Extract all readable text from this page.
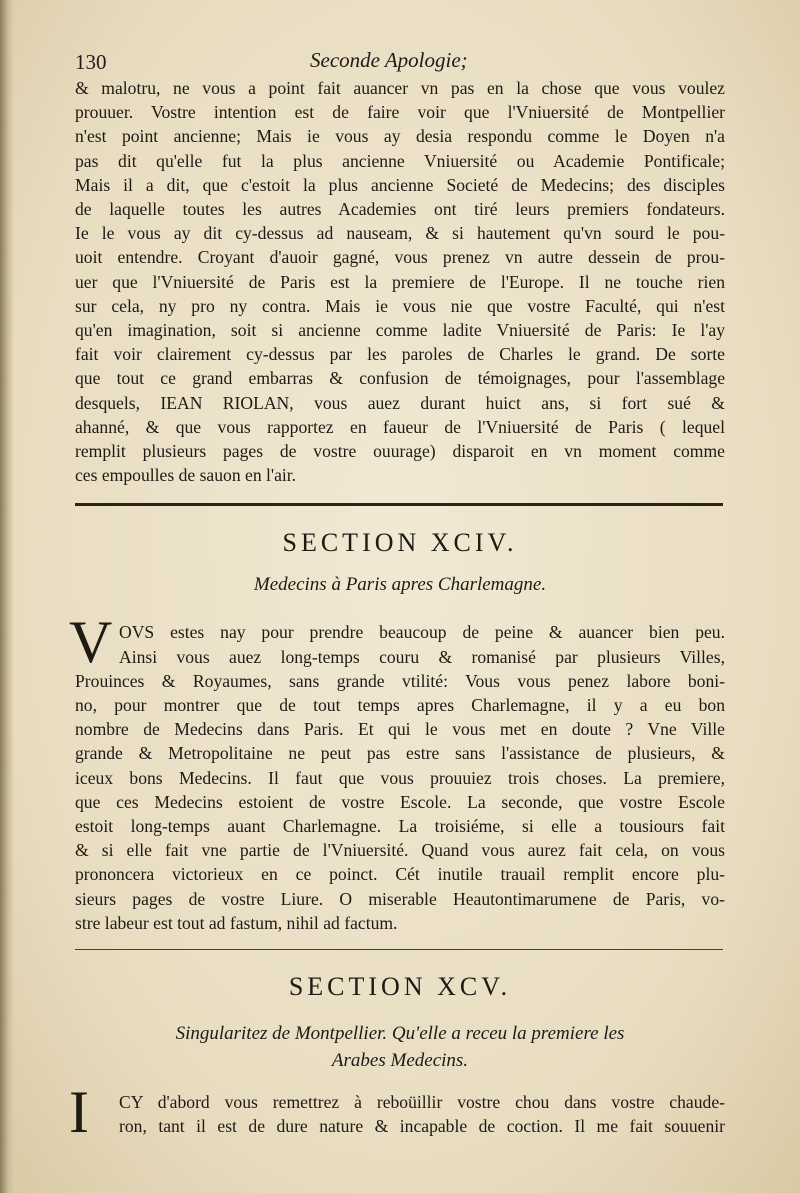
130	Seconde Apologie;

& malotru, ne vous a point fait auancer vn pas en la chose que vous voulez
prouuer. Vostre intention est de faire voir que l'Vniuersité de Montpellier
n'est point ancienne; Mais ie vous ay desia respondu comme le Doyen n'a
pas dit qu'elle fut la plus ancienne Vniuersité ou Academie Pontificale;
Mais il a dit, que c'estoit la plus ancienne Societé de Medecins; des disciples
de laquelle toutes les autres Academies ont tiré leurs premiers fondateurs.
Ie le vous ay dit cy-dessus ad nauseam, & si hautement qu'vn sourd le pou-
uoit entendre. Croyant d'auoir gagné, vous prenez vn autre dessein de prou-
uer que l'Vniuersité de Paris est la premiere de l'Europe. Il ne touche rien
sur cela, ny pro ny contra. Mais ie vous nie que vostre Faculté, qui n'est
qu'en imagination, soit si ancienne comme ladite Vniuersité de Paris: Ie l'ay
fait voir clairement cy-dessus par les paroles de Charles le grand. De sorte
que tout ce grand embarras & confusion de témoignages, pour l'assemblage
desquels, IEAN RIOLAN, vous auez durant huict ans, si fort sué &
ahanné, & que vous rapportez en faueur de l'Vniuersité de Paris ( lequel
remplit plusieurs pages de vostre ouurage) disparoit en vn moment comme
ces empoulles de sauon en l'air.

SECTION XCIV.
Medecins à Paris apres Charlemagne.
V OVS estes nay pour prendre beaucoup de peine & auancer bien peu.
Ainsi vous auez long-temps couru & romanisé par plusieurs Villes,
Prouinces & Royaumes, sans grande vtilité: Vous vous penez labore boni-
no, pour montrer que de tout temps apres Charlemagne, il y a eu bon
nombre de Medecins dans Paris. Et qui le vous met en doute ? Vne Ville
grande & Metropolitaine ne peut pas estre sans l'assistance de plusieurs, &
iceux bons Medecins. Il faut que vous prouuiez trois choses. La premiere,
que ces Medecins estoient de vostre Escole. La seconde, que vostre Escole
estoit long-temps auant Charlemagne. La troisiéme, si elle a tousiours fait
& si elle fait vne partie de l'Vniuersité. Quand vous aurez fait cela, on vous
prononcera victorieux en ce poinct. Cét inutile trauail remplit encore plu-
sieurs pages de vostre Liure. O miserable Heautontimarumene de Paris, vo-
stre labeur est tout ad fastum, nihil ad factum.

SECTION XCV.
Singularitez de Montpellier. Qu'elle a receu la premiere les
Arabes Medecins.
I	CY d'abord vous remettrez à reboüillir vostre chou dans vostre chaude-
ron, tant il est de dure nature & incapable de coction. Il me fait souuenir
